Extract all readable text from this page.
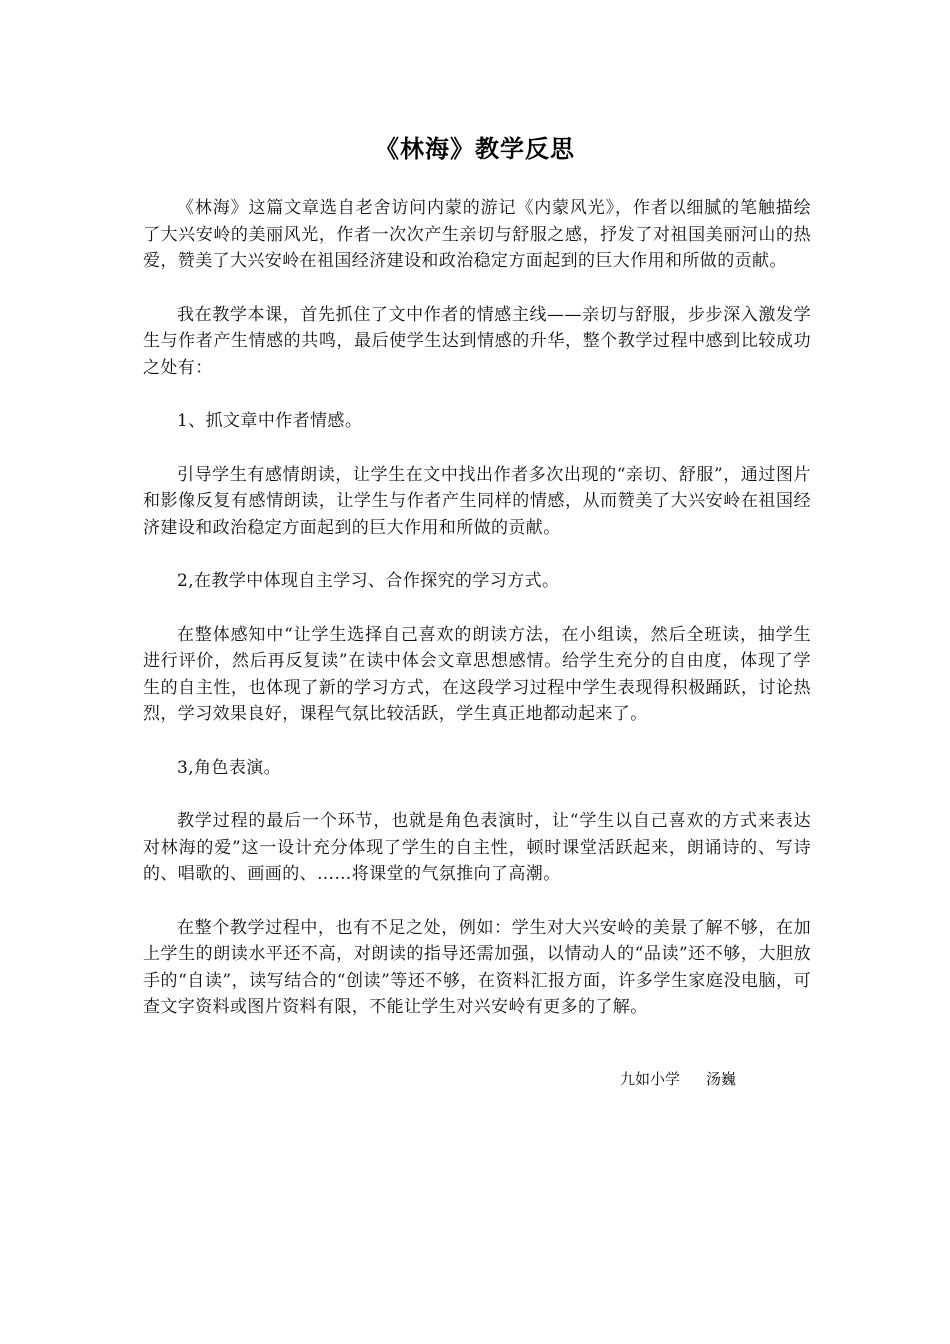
《林海》教学反思

《林海》这篇文章选自老舍访问内蒙的游记《内蒙风光》，作者以细腻的笔触描绘了大兴安岭的美丽风光，作者一次次产生亲切与舒服之感，抒发了对祖国美丽河山的热爱，赞美了大兴安岭在祖国经济建设和政治稳定方面起到的巨大作用和所做的贡献。

我在教学本课，首先抓住了文中作者的情感主线——亲切与舒服，步步深入激发学生与作者产生情感的共鸣，最后使学生达到情感的升华，整个教学过程中感到比较成功之处有：

1、抓文章中作者情感。

引导学生有感情朗读，让学生在文中找出作者多次出现的“亲切、舒服”，通过图片和影像反复有感情朗读，让学生与作者产生同样的情感，从而赞美了大兴安岭在祖国经济建设和政治稳定方面起到的巨大作用和所做的贡献。

2,在教学中体现自主学习、合作探究的学习方式。

在整体感知中“让学生选择自己喜欢的朗读方法，在小组读，然后全班读，抽学生进行评价，然后再反复读”在读中体会文章思想感情。给学生充分的自由度，体现了学生的自主性，也体现了新的学习方式，在这段学习过程中学生表现得积极踊跃，讨论热烈，学习效果良好，课程气氛比较活跃，学生真正地都动起来了。

3,角色表演。

教学过程的最后一个环节，也就是角色表演时，让“学生以自己喜欢的方式来表达对林海的爱”这一设计充分体现了学生的自主性，顿时课堂活跃起来，朗诵诗的、写诗的、唱歌的、画画的、……将课堂的气氛推向了高潮。

在整个教学过程中，也有不足之处，例如：学生对大兴安岭的美景了解不够，在加上学生的朗读水平还不高，对朗读的指导还需加强，以情动人的“品读”还不够，大胆放手的“自读”，读写结合的“创读”等还不够，在资料汇报方面，许多学生家庭没电脑，可查文字资料或图片资料有限，不能让学生对兴安岭有更多的了解。

九如小学 汤巍
